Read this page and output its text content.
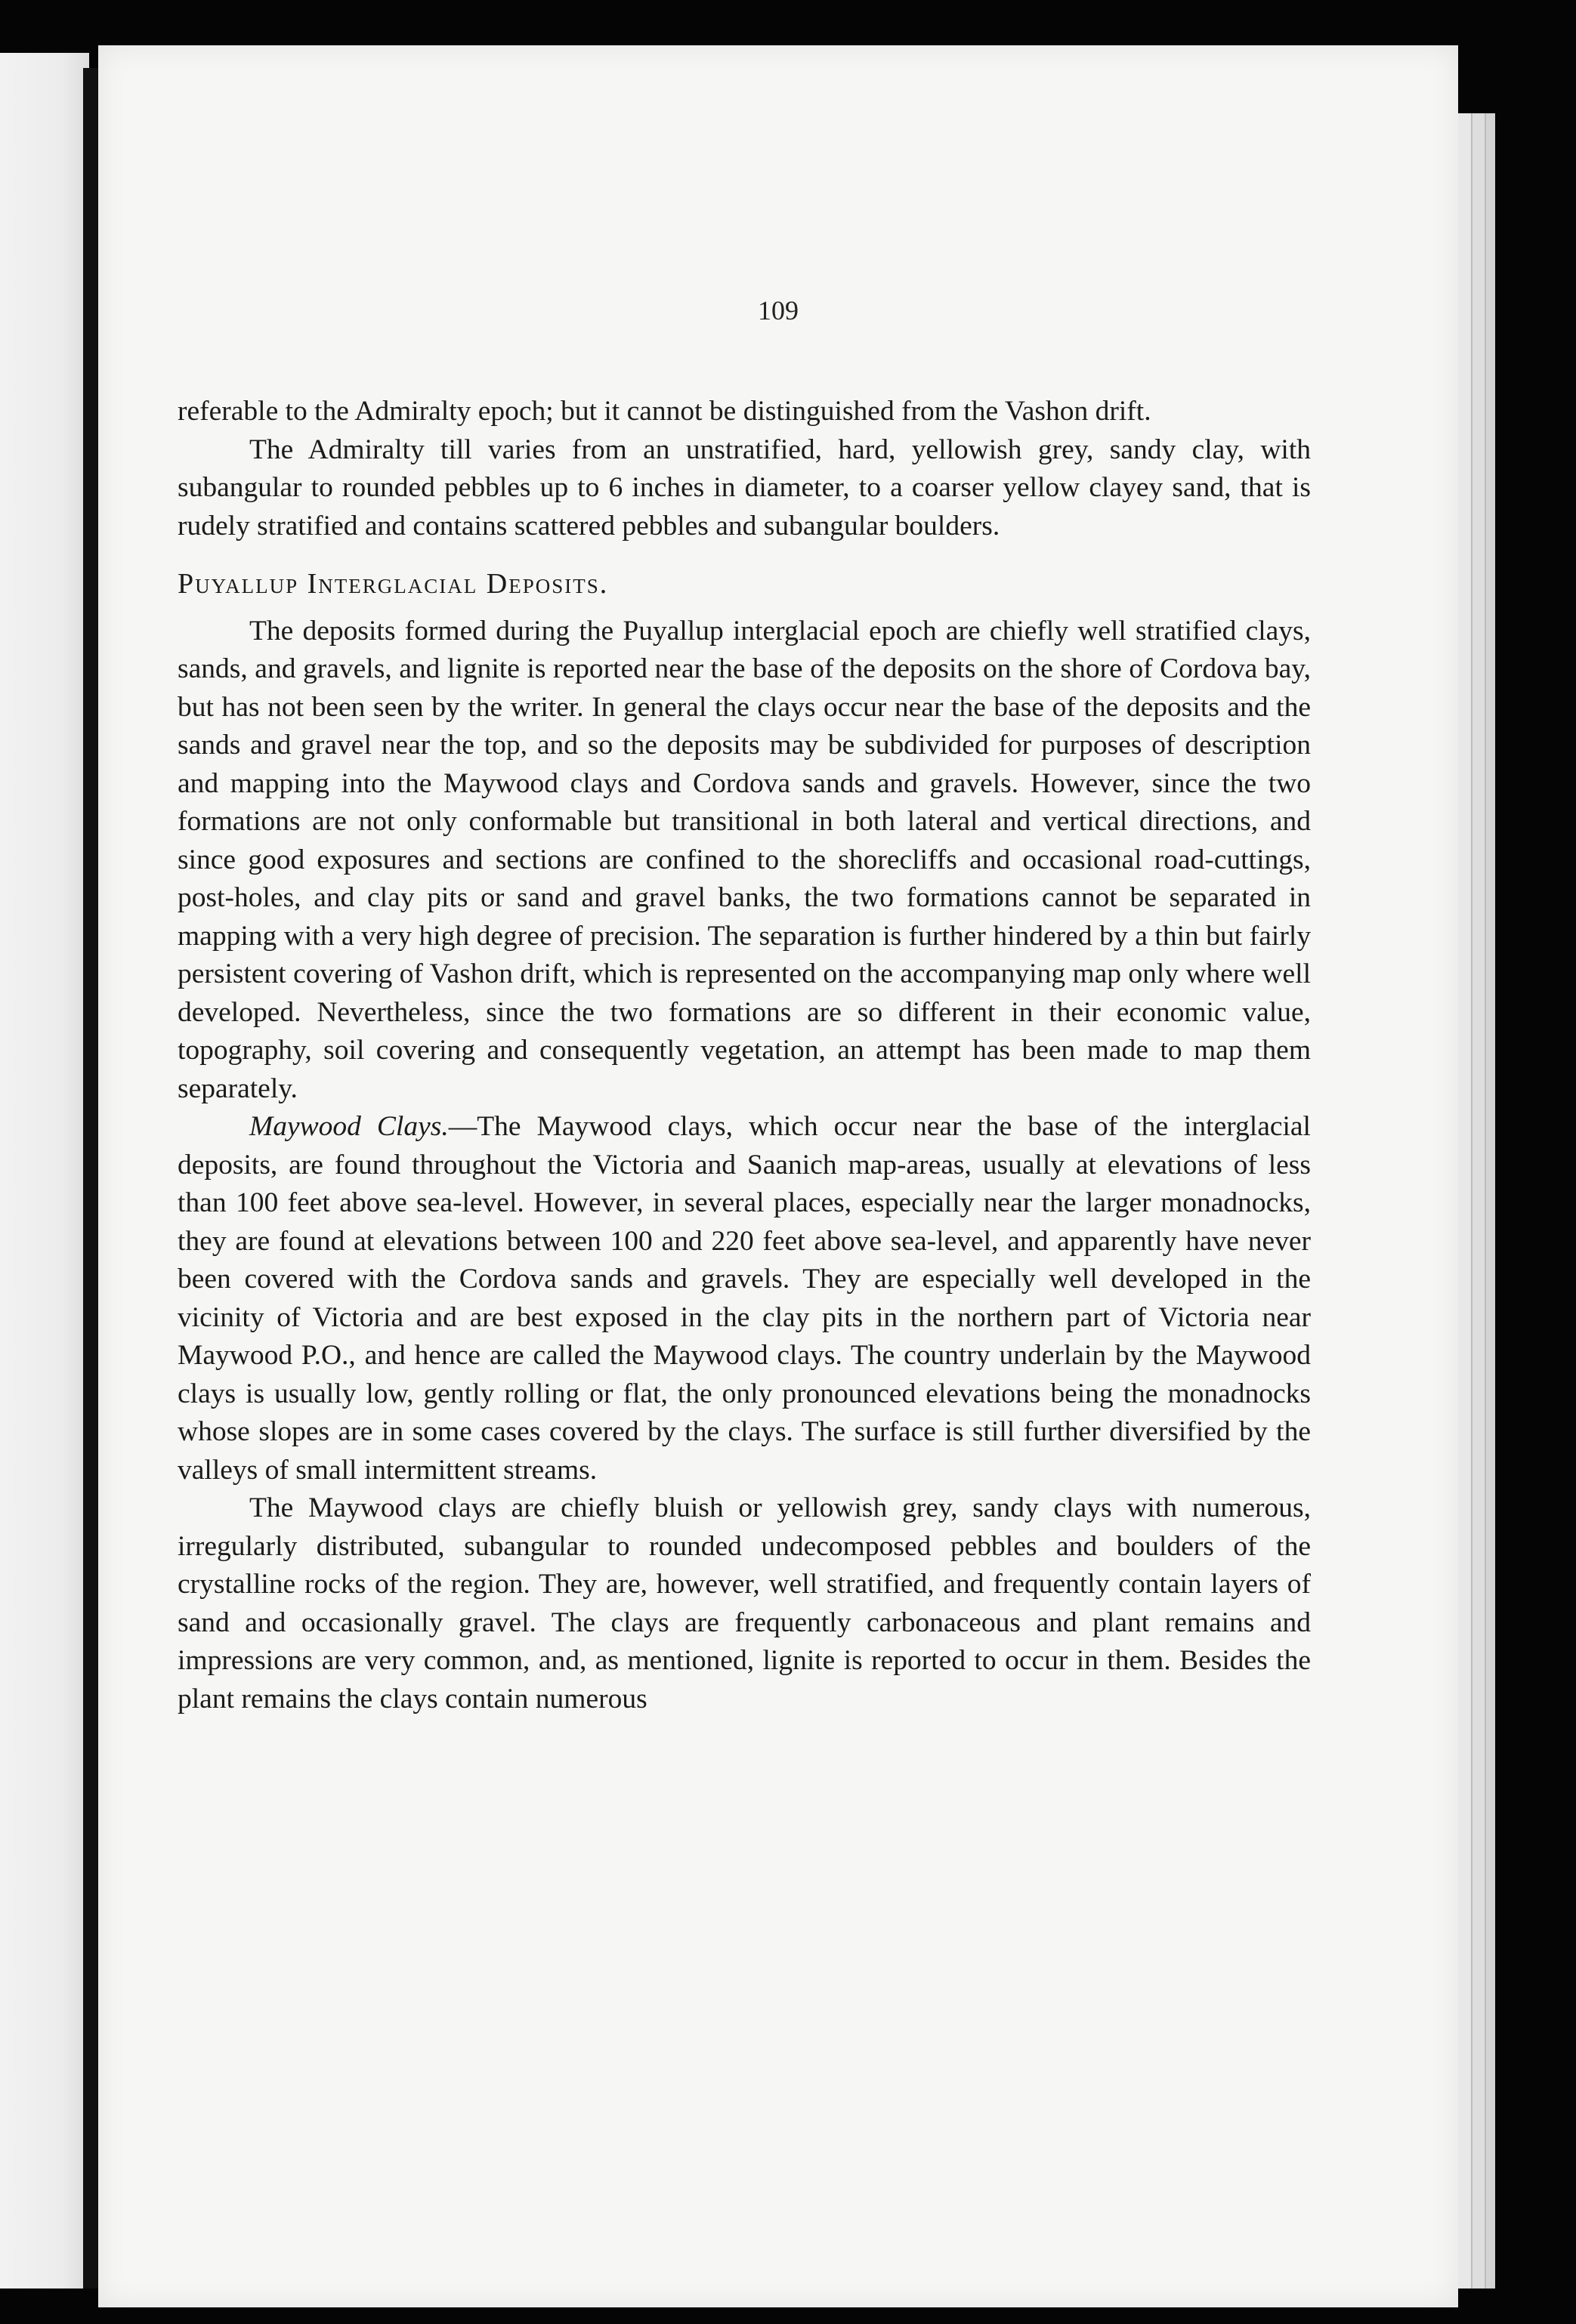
109

referable to the Admiralty epoch; but it cannot be distinguished from the Vashon drift.

The Admiralty till varies from an unstratified, hard, yellowish grey, sandy clay, with subangular to rounded pebbles up to 6 inches in diameter, to a coarser yellow clayey sand, that is rudely stratified and contains scattered pebbles and subangular boulders.

Puyallup Interglacial Deposits.

The deposits formed during the Puyallup interglacial epoch are chiefly well stratified clays, sands, and gravels, and lignite is reported near the base of the deposits on the shore of Cordova bay, but has not been seen by the writer. In general the clays occur near the base of the deposits and the sands and gravel near the top, and so the deposits may be subdivided for purposes of description and mapping into the Maywood clays and Cordova sands and gravels. However, since the two formations are not only conformable but transitional in both lateral and vertical directions, and since good exposures and sections are confined to the shorecliffs and occasional road-cuttings, post-holes, and clay pits or sand and gravel banks, the two formations cannot be separated in mapping with a very high degree of precision. The separation is further hindered by a thin but fairly persistent covering of Vashon drift, which is represented on the accompanying map only where well developed. Nevertheless, since the two formations are so different in their economic value, topography, soil covering and consequently vegetation, an attempt has been made to map them separately.

Maywood Clays.—The Maywood clays, which occur near the base of the interglacial deposits, are found throughout the Victoria and Saanich map-areas, usually at elevations of less than 100 feet above sea-level. However, in several places, especially near the larger monadnocks, they are found at elevations between 100 and 220 feet above sea-level, and apparently have never been covered with the Cordova sands and gravels. They are especially well developed in the vicinity of Victoria and are best exposed in the clay pits in the northern part of Victoria near Maywood P.O., and hence are called the Maywood clays. The country underlain by the Maywood clays is usually low, gently rolling or flat, the only pronounced elevations being the monadnocks whose slopes are in some cases covered by the clays. The surface is still further diversified by the valleys of small intermittent streams.

The Maywood clays are chiefly bluish or yellowish grey, sandy clays with numerous, irregularly distributed, subangular to rounded undecomposed pebbles and boulders of the crystalline rocks of the region. They are, however, well stratified, and frequently contain layers of sand and occasionally gravel. The clays are frequently carbonaceous and plant remains and impressions are very common, and, as mentioned, lignite is reported to occur in them. Besides the plant remains the clays contain numerous
